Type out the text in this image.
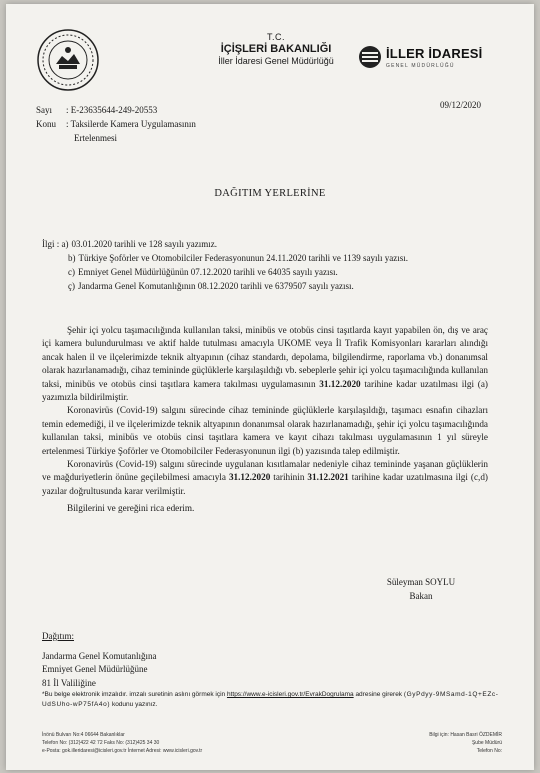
T.C.
İÇİŞLERİ BAKANLIĞI
İller İdaresi Genel Müdürlüğü	İLLER İDARESİ
GENEL MÜDÜRLÜĞÜ
Sayı : E-23635644-249-20553
Konu : Taksilerde Kamera Uygulamasının
Ertelenmesi
09/12/2020
DAĞITIM YERLERİNE
İlgi : a) 03.01.2020 tarihli ve 128 sayılı yazımız.
b) Türkiye Şoförler ve Otomobilciler Federasyonunun 24.11.2020 tarihli ve 1139 sayılı yazısı.
c) Emniyet Genel Müdürlüğünün 07.12.2020 tarihli ve 64035 sayılı yazısı.
ç) Jandarma Genel Komutanlığının 08.12.2020 tarihli ve 6379507 sayılı yazısı.

Şehir içi yolcu taşımacılığında kullanılan taksi, minibüs ve otobüs cinsi taşıtlarda kayıt yapabilen ön, dış ve araç içi kamera bulundurulması ve aktif halde tutulması amacıyla UKOME veya İl Trafik Komisyonları kararları alındığı ancak halen il ve ilçelerimizde teknik altyapının (cihaz standardı, depolama, bilgilendirme, raporlama vb.) donanımsal olarak hazırlanamadığı, cihaz temininde güçlüklerle karşılaşıldığı vb. sebeplerle şehir içi yolcu taşımacılığında kullanılan taksi, minibüs ve otobüs cinsi taşıtlara kamera takılması uygulamasının 31.12.2020 tarihine kadar uzatılması ilgi (a) yazımızla bildirilmiştir.

Koronavirüs (Covid-19) salgını sürecinde cihaz temininde güçlüklerle karşılaşıldığı, taşımacı esnafın cihazları temin edemediği, il ve ilçelerimizde teknik altyapının donanımsal olarak hazırlanamadığı, şehir içi yolcu taşımacılığında kullanılan taksi, minibüs ve otobüs cinsi taşıtlara kamera ve kayıt cihazı takılması uygulamasının 1 yıl süreyle ertelenmesi Türkiye Şoförler ve Otomobilciler Federasyonunun ilgi (b) yazısında talep edilmiştir.

Koronavirüs (Covid-19) salgını sürecinde uygulanan kısıtlamalar nedeniyle cihaz temininde yaşanan güçlüklerin ve mağduriyetlerin önüne geçilebilmesi amacıyla 31.12.2020 tarihinin 31.12.2021 tarihine kadar uzatılmasına ilgi (c,d) yazılar doğrultusunda karar verilmiştir.

Bilgilerini ve gereğini rica ederim.

Süleyman SOYLU
Bakan
Dağıtım:
Jandarma Genel Komutanlığına
Emniyet Genel Müdürlüğüne
81 İl Valiliğine
*Bu belge elektronik imzalıdır. imzalı suretinin aslını görmek için https://www.e-icisleri.gov.tr/EvrakDogrulama adresine girerek (GyPdyy-9MSamd-1Q+EZc-UdSUho-wP75fA4o) kodunu yazınız.
İnönü Bulvarı No:4 06644 Bakanlıklar
Telefon No: (312)422 42 72 Faks No: (312)425 34 30
e-Posta: gok.illeridaresi@icisleri.gov.tr İnternet Adresi: www.icisleri.gov.tr
Bilgi için: Hasan Basri ÖZDEMİR
Şube Müdürü
Telefon No:
